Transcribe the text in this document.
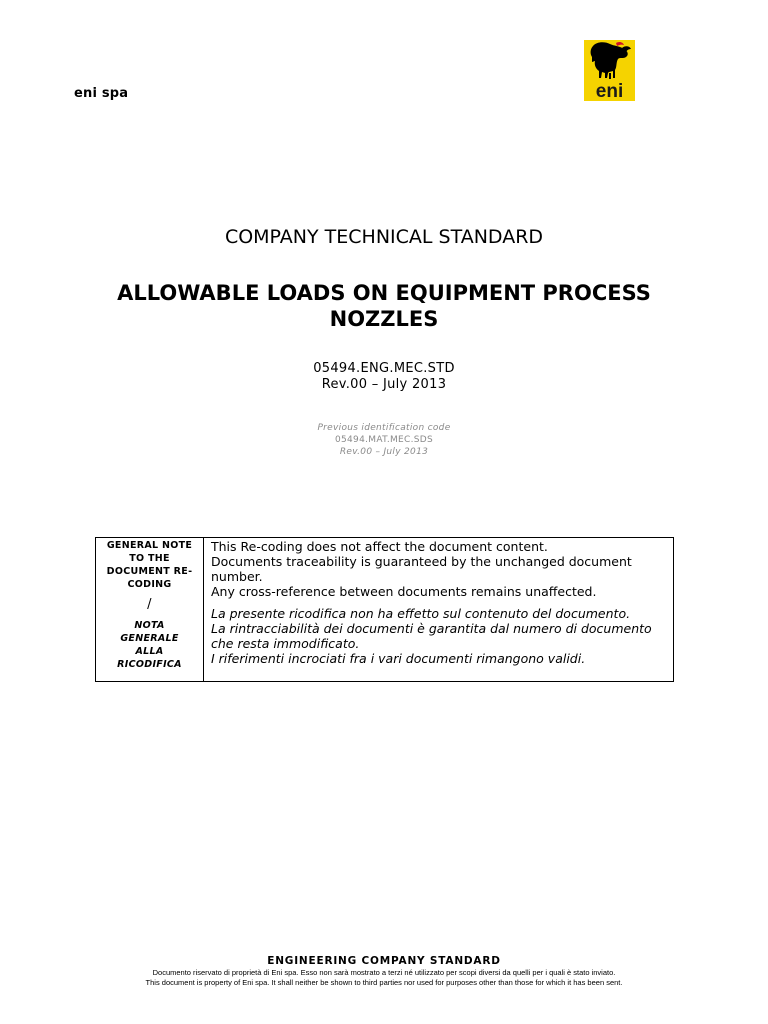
eni spa	eni
COMPANY TECHNICAL STANDARD
ALLOWABLE LOADS ON EQUIPMENT PROCESS
NOZZLES
05494.ENG.MEC.STD
Rev.00 – July 2013
Previous identification code
05494.MAT.MEC.SDS
Rev.00 – July 2013
GENERAL NOTE TO THE DOCUMENT RE-CODING
/
NOTA GENERALE ALLA RICODIFICA

This Re-coding does not affect the document content.

Documents traceability is guaranteed by the unchanged document number.

Any cross-reference between documents remains unaffected.

La presente ricodifica non ha effetto sul contenuto del documento.

La rintracciabilità dei documenti è garantita dal numero di documento che resta immodificato.

I riferimenti incrociati fra i vari documenti rimangono validi.

ENGINEERING COMPANY STANDARD
Documento riservato di proprietà di Eni spa. Esso non sarà mostrato a terzi né utilizzato per scopi diversi da quelli per i quali è stato inviato.
This document is property of Eni spa. It shall neither be shown to third parties nor used for purposes other than those for which it has been sent.
